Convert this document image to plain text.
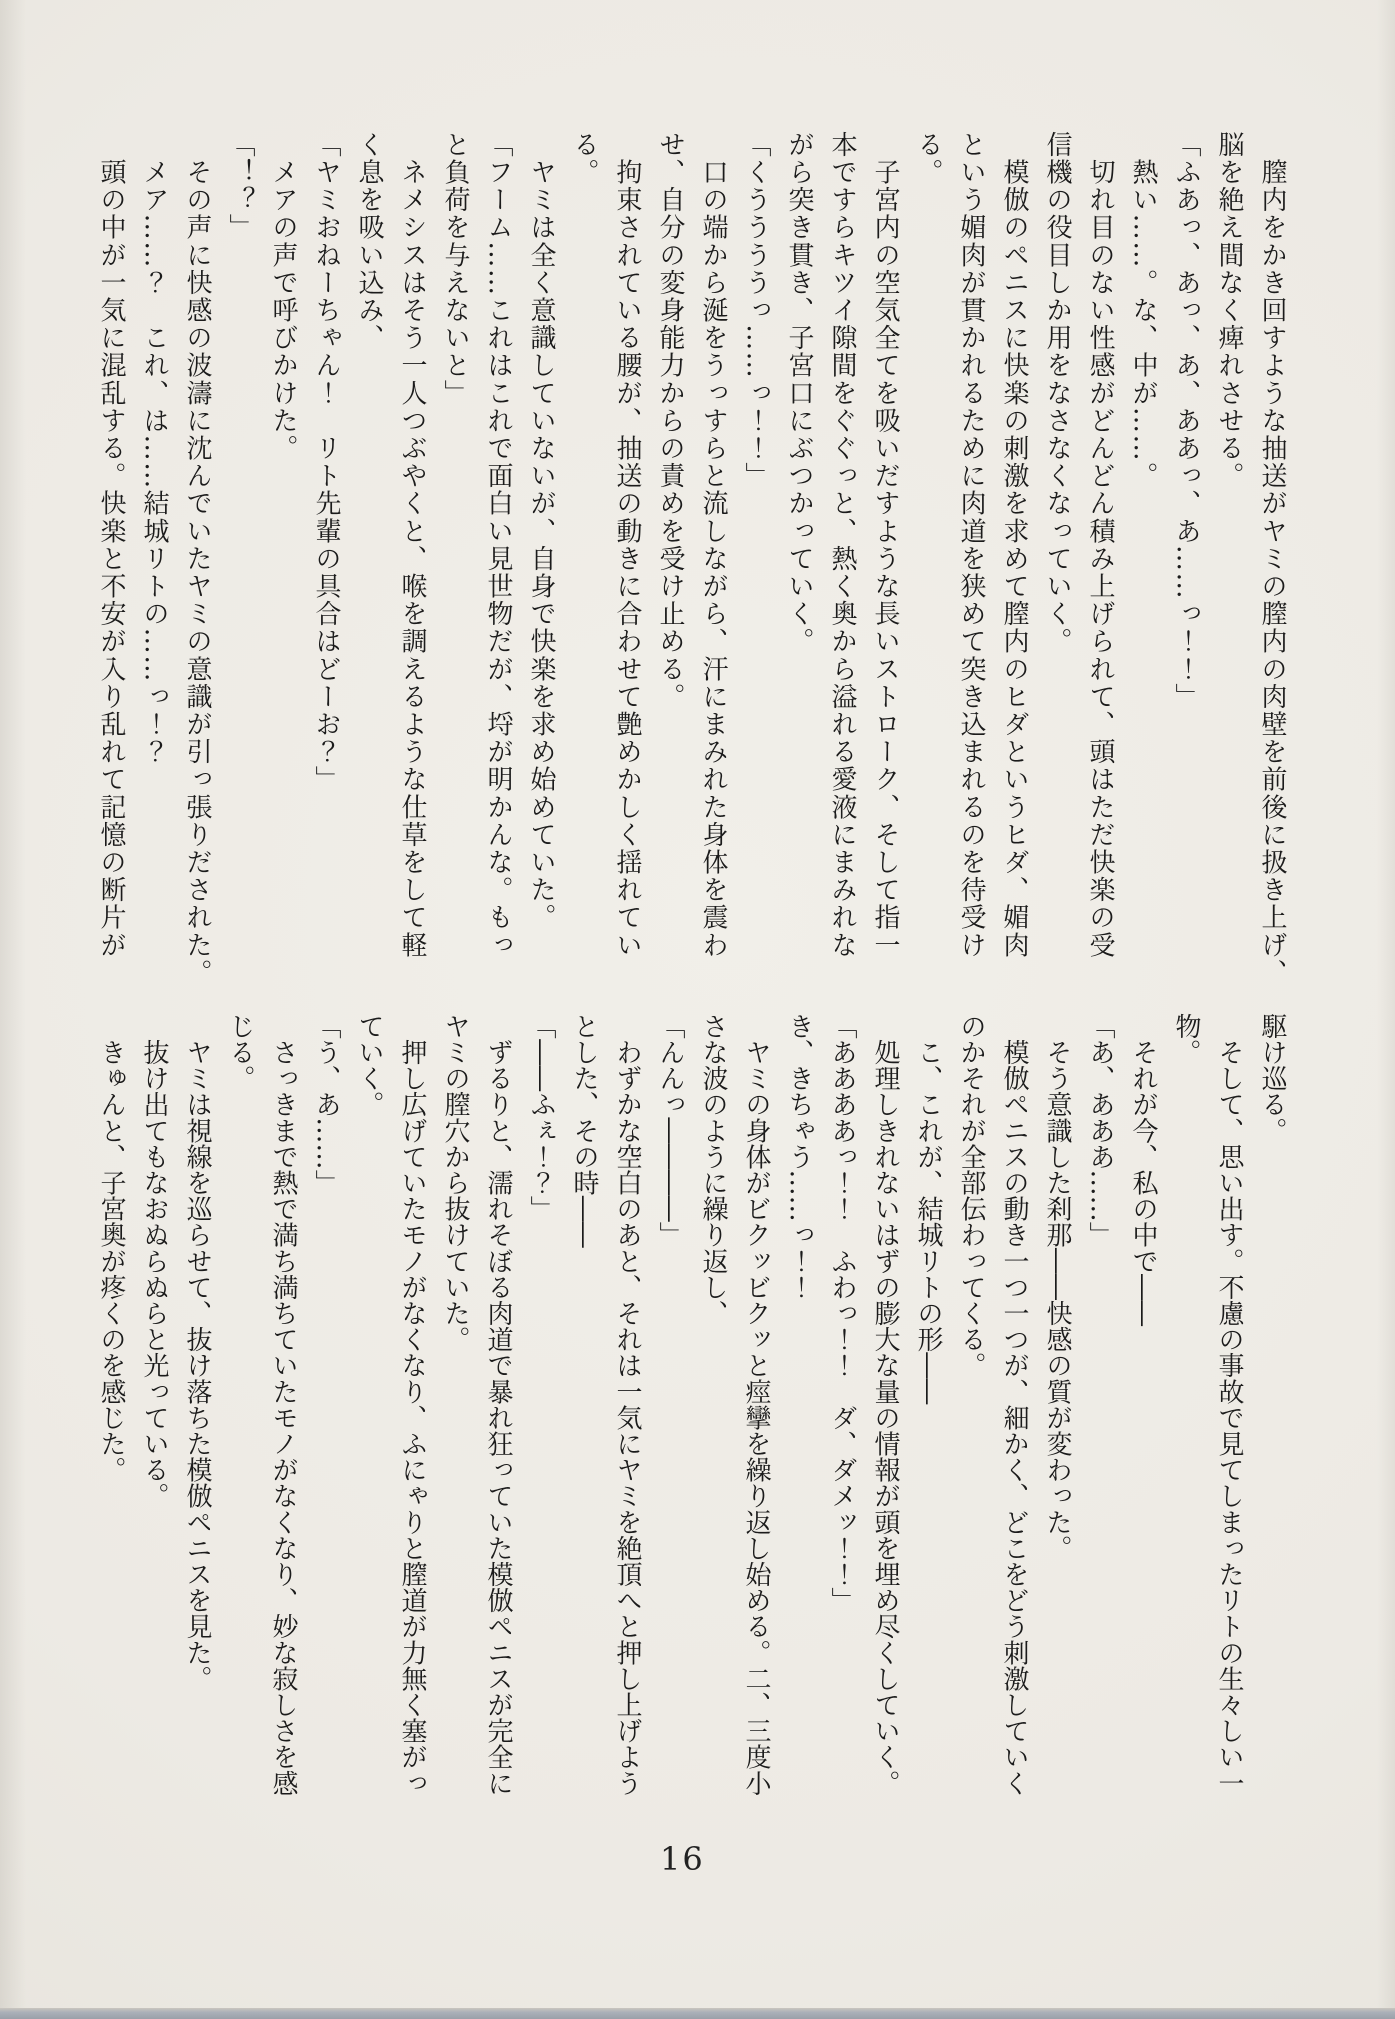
　膣内をかき回すような抽送がヤミの膣内の肉壁を前後に扱き上げ、
脳を絶え間なく痺れさせる。
「ふあっ、あっ、あ、ああっ、あ……っ！！」
　熱い……。な、中が……。
　切れ目のない性感がどんどん積み上げられて、頭はただ快楽の受
信機の役目しか用をなさなくなっていく。
　模倣のペニスに快楽の刺激を求めて膣内のヒダというヒダ、媚肉
という媚肉が貫かれるために肉道を狭めて突き込まれるのを待受け
る。
　子宮内の空気全てを吸いだすような長いストローク、そして指一
本ですらキツイ隙間をぐぐっと、熱く奥から溢れる愛液にまみれな
がら突き貫き、子宮口にぶつかっていく。
「くううううっ……っ！！」
　口の端から涎をうっすらと流しながら、汗にまみれた身体を震わ
せ、自分の変身能力からの責めを受け止める。
　拘束されている腰が、抽送の動きに合わせて艶めかしく揺れてい
る。
　ヤミは全く意識していないが、自身で快楽を求め始めていた。
「フーム……これはこれで面白い見世物だが、埒が明かんな。もっ
と負荷を与えないと」
　ネメシスはそう一人つぶやくと、喉を調えるような仕草をして軽
く息を吸い込み、
「ヤミおねーちゃん！　リト先輩の具合はどーお？」
　メアの声で呼びかけた。
「！？」
　その声に快感の波濤に沈んでいたヤミの意識が引っ張りだされた。
　メア……？　これ、は……結城リトの……っ！？
　頭の中が一気に混乱する。快楽と不安が入り乱れて記憶の断片が
駆け巡る。
　そして、思い出す。不慮の事故で見てしまったリトの生々しい一
物。
　それが今、私の中で――
「あ、あああ……」
　そう意識した刹那――快感の質が変わった。
　模倣ペニスの動き一つ一つが、細かく、どこをどう刺激していく
のかそれが全部伝わってくる。
　こ、これが、結城リトの形――
　処理しきれないはずの膨大な量の情報が頭を埋め尽くしていく。
「ああああっ！！　ふわっ！！　ダ、ダメッ！！」
き、きちゃう……っ！！
　ヤミの身体がビクッビクッと痙攣を繰り返し始める。二、三度小
さな波のように繰り返し、
「んんっ――――」
　わずかな空白のあと、それは一気にヤミを絶頂へと押し上げよう
とした、その時――
「――ふぇ！？」
　ずるりと、濡れそぼる肉道で暴れ狂っていた模倣ペニスが完全に
ヤミの膣穴から抜けていた。
　押し広げていたモノがなくなり、ふにゃりと膣道が力無く塞がっ
ていく。
「う、あ……」
　さっきまで熱で満ち満ちていたモノがなくなり、妙な寂しさを感
じる。
　ヤミは視線を巡らせて、抜け落ちた模倣ペニスを見た。
　抜け出てもなおぬらぬらと光っている。
　きゅんと、子宮奥が疼くのを感じた。
16
